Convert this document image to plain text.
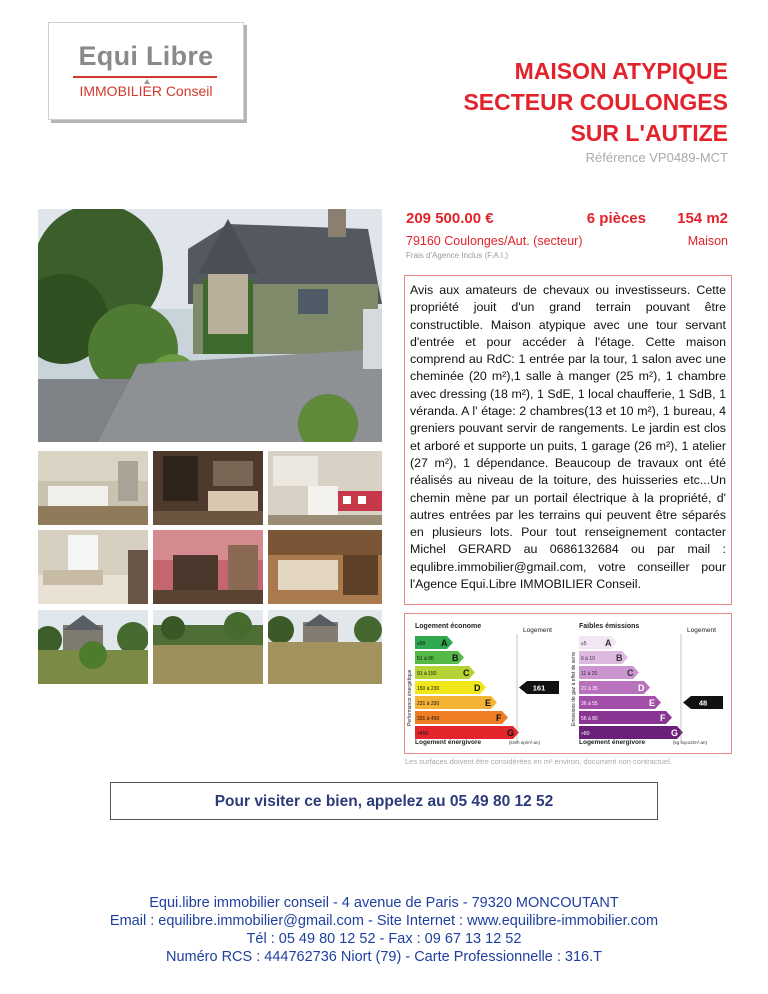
Equi Libre
IMMOBILIER Conseil
MAISON ATYPIQUE
SECTEUR COULONGES
SUR L'AUTIZE
Référence VP0489-MCT
209 500.00 €	6 pièces 154 m2
79160 Coulonges/Aut. (secteur)	Maison
Frais d'Agence Inclus (F.A.I.)

Avis aux amateurs de chevaux ou investisseurs. Cette propriété jouit d'un grand terrain pouvant être constructible. Maison atypique avec une tour servant d'entrée et pour accéder à l'étage. Cette maison comprend au RdC: 1 entrée par la tour, 1 salon avec une cheminée (20 m²),1 salle à manger (25 m²), 1 chambre avec dressing (18 m²), 1 SdE, 1 local chaufferie, 1 SdB, 1 véranda. A l' étage: 2 chambres(13 et 10 m²), 1 bureau, 4 greniers pouvant servir de rangements. Le jardin est clos et arboré et supporte un puits, 1 garage (26 m²), 1 atelier (27 m²), 1 dépendance. Beaucoup de travaux ont été réalisés au niveau de la toiture, des huisseries etc...Un chemin mène par un portail électrique à la propriété, d' autres entrées par les terrains qui peuvent être séparés en plusieurs lots. Pour tout renseignement contacter Michel GERARD au 0686132684 ou par mail : equlibre.immobilier@gmail.com, votre conseiller pour l'Agence Equi.Libre IMMOBILIER Conseil.

Logement économe
Logement
Performance énergétique
≤50 A
51 à 90 B
91 à 150	C
150 à 230	D
231 à 330	E
331 à 450	F
>450	G
161
Logement énergivore	(kWh ep/m².an)
Faibles émissions
Logement
Emissions de gaz à effet de serre
≤5 A
6 à 10 B
11 à 20	C
21 à 35	D
36 à 55	E
56 à 80	F
>80	G
48
Logement énergivore	(kg éqco2/m².an)
Les surfaces doivent être considérées en m² environ, document non contractuel.
Pour visiter ce bien, appelez au 05 49 80 12 52
Equi.libre immobilier conseil - 4 avenue de Paris - 79320 MONCOUTANT
Email : equilibre.immobilier@gmail.com - Site Internet : www.equilibre-immobilier.com
Tél : 05 49 80 12 52 - Fax : 09 67 13 12 52
Numéro RCS : 444762736 Niort (79) - Carte Professionnelle : 316.T
